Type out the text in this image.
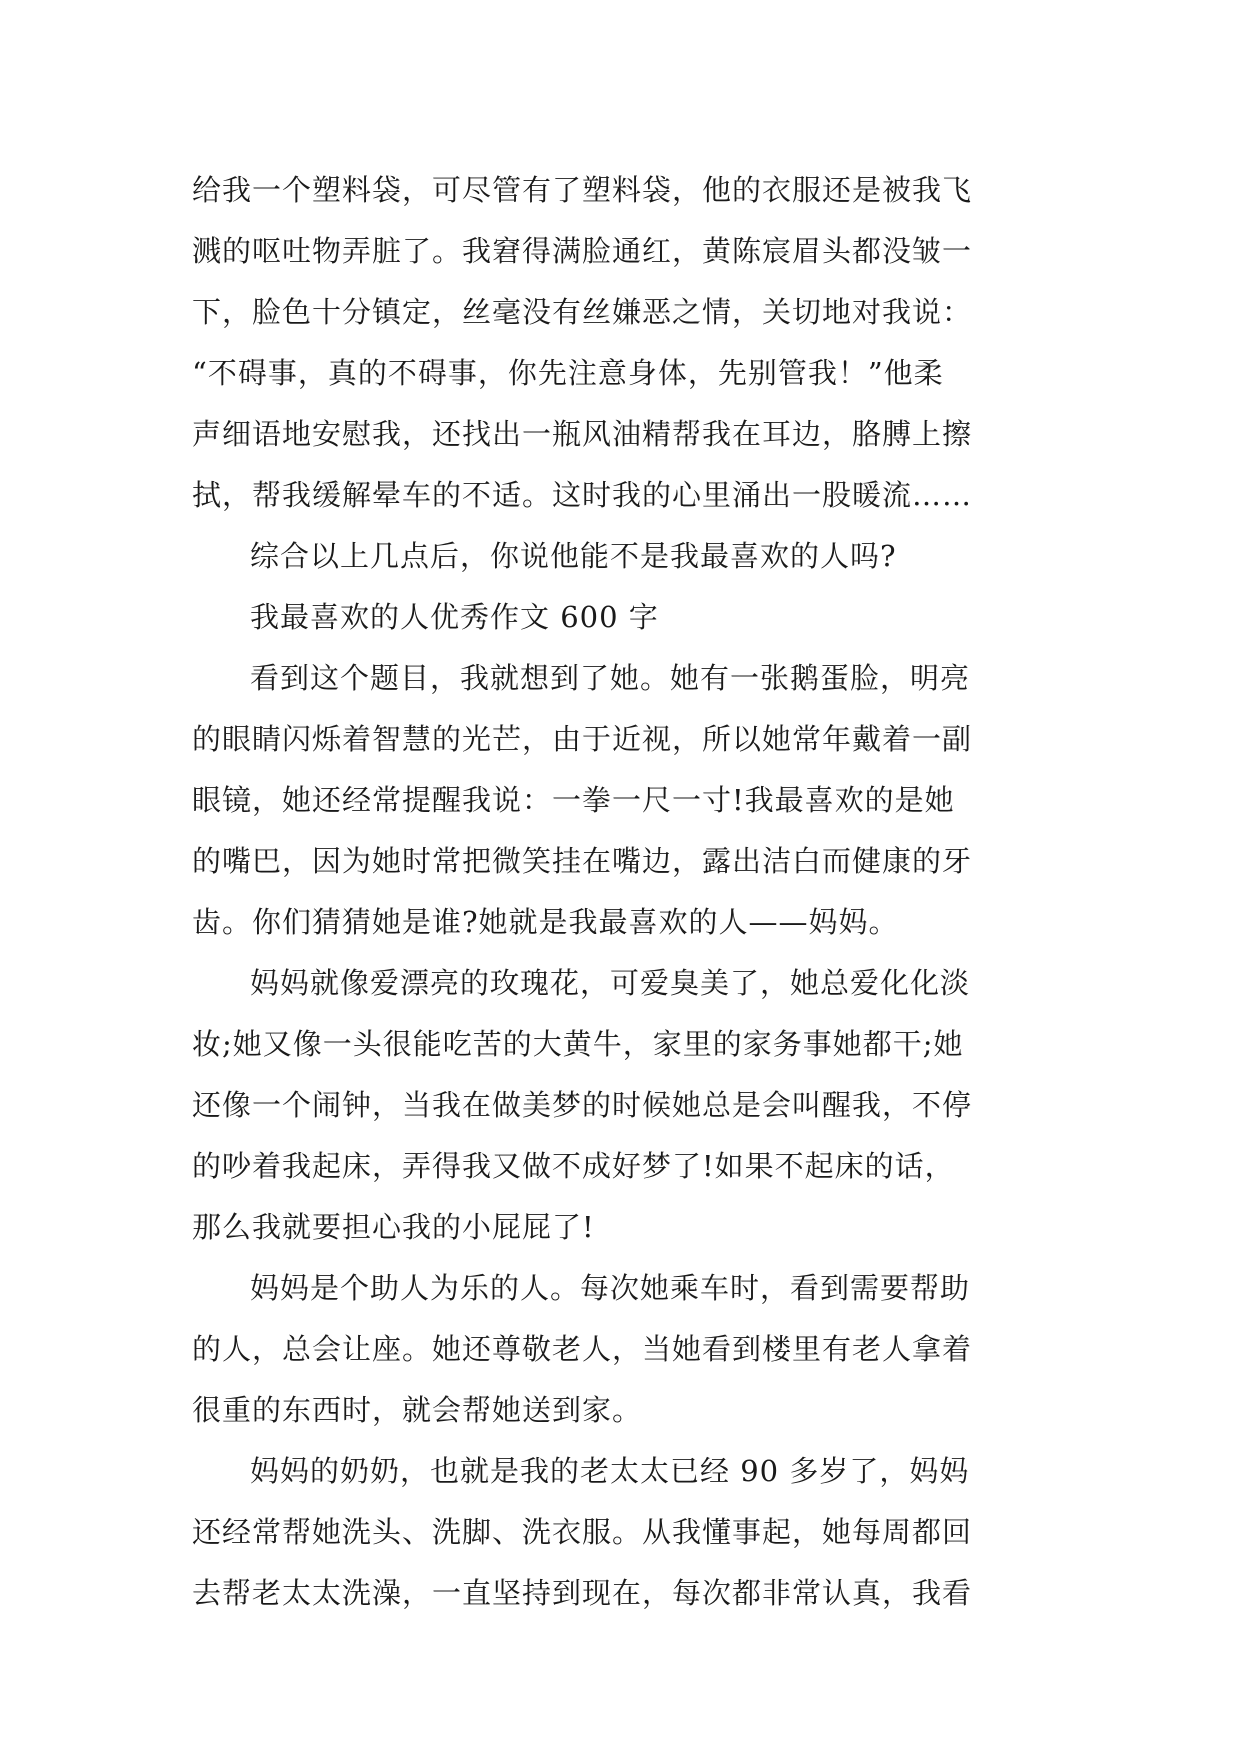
给我一个塑料袋，可尽管有了塑料袋，他的衣服还是被我飞
溅的呕吐物弄脏了。我窘得满脸通红，黄陈宸眉头都没皱一
下，脸色十分镇定，丝毫没有丝嫌恶之情，关切地对我说：
“不碍事，真的不碍事，你先注意身体，先别管我！”他柔
声细语地安慰我，还找出一瓶风油精帮我在耳边，胳膊上擦
拭，帮我缓解晕车的不适。这时我的心里涌出一股暖流……

综合以上几点后，你说他能不是我最喜欢的人吗?

我最喜欢的人优秀作文 600 字

看到这个题目，我就想到了她。她有一张鹅蛋脸，明亮
的眼睛闪烁着智慧的光芒，由于近视，所以她常年戴着一副
眼镜，她还经常提醒我说：一拳一尺一寸!我最喜欢的是她
的嘴巴，因为她时常把微笑挂在嘴边，露出洁白而健康的牙
齿。你们猜猜她是谁?她就是我最喜欢的人——妈妈。

妈妈就像爱漂亮的玫瑰花，可爱臭美了，她总爱化化淡
妆;她又像一头很能吃苦的大黄牛，家里的家务事她都干;她
还像一个闹钟，当我在做美梦的时候她总是会叫醒我，不停
的吵着我起床，弄得我又做不成好梦了!如果不起床的话，
那么我就要担心我的小屁屁了!

妈妈是个助人为乐的人。每次她乘车时，看到需要帮助
的人，总会让座。她还尊敬老人，当她看到楼里有老人拿着
很重的东西时，就会帮她送到家。

妈妈的奶奶，也就是我的老太太已经 90 多岁了，妈妈
还经常帮她洗头、洗脚、洗衣服。从我懂事起，她每周都回
去帮老太太洗澡，一直坚持到现在，每次都非常认真，我看
